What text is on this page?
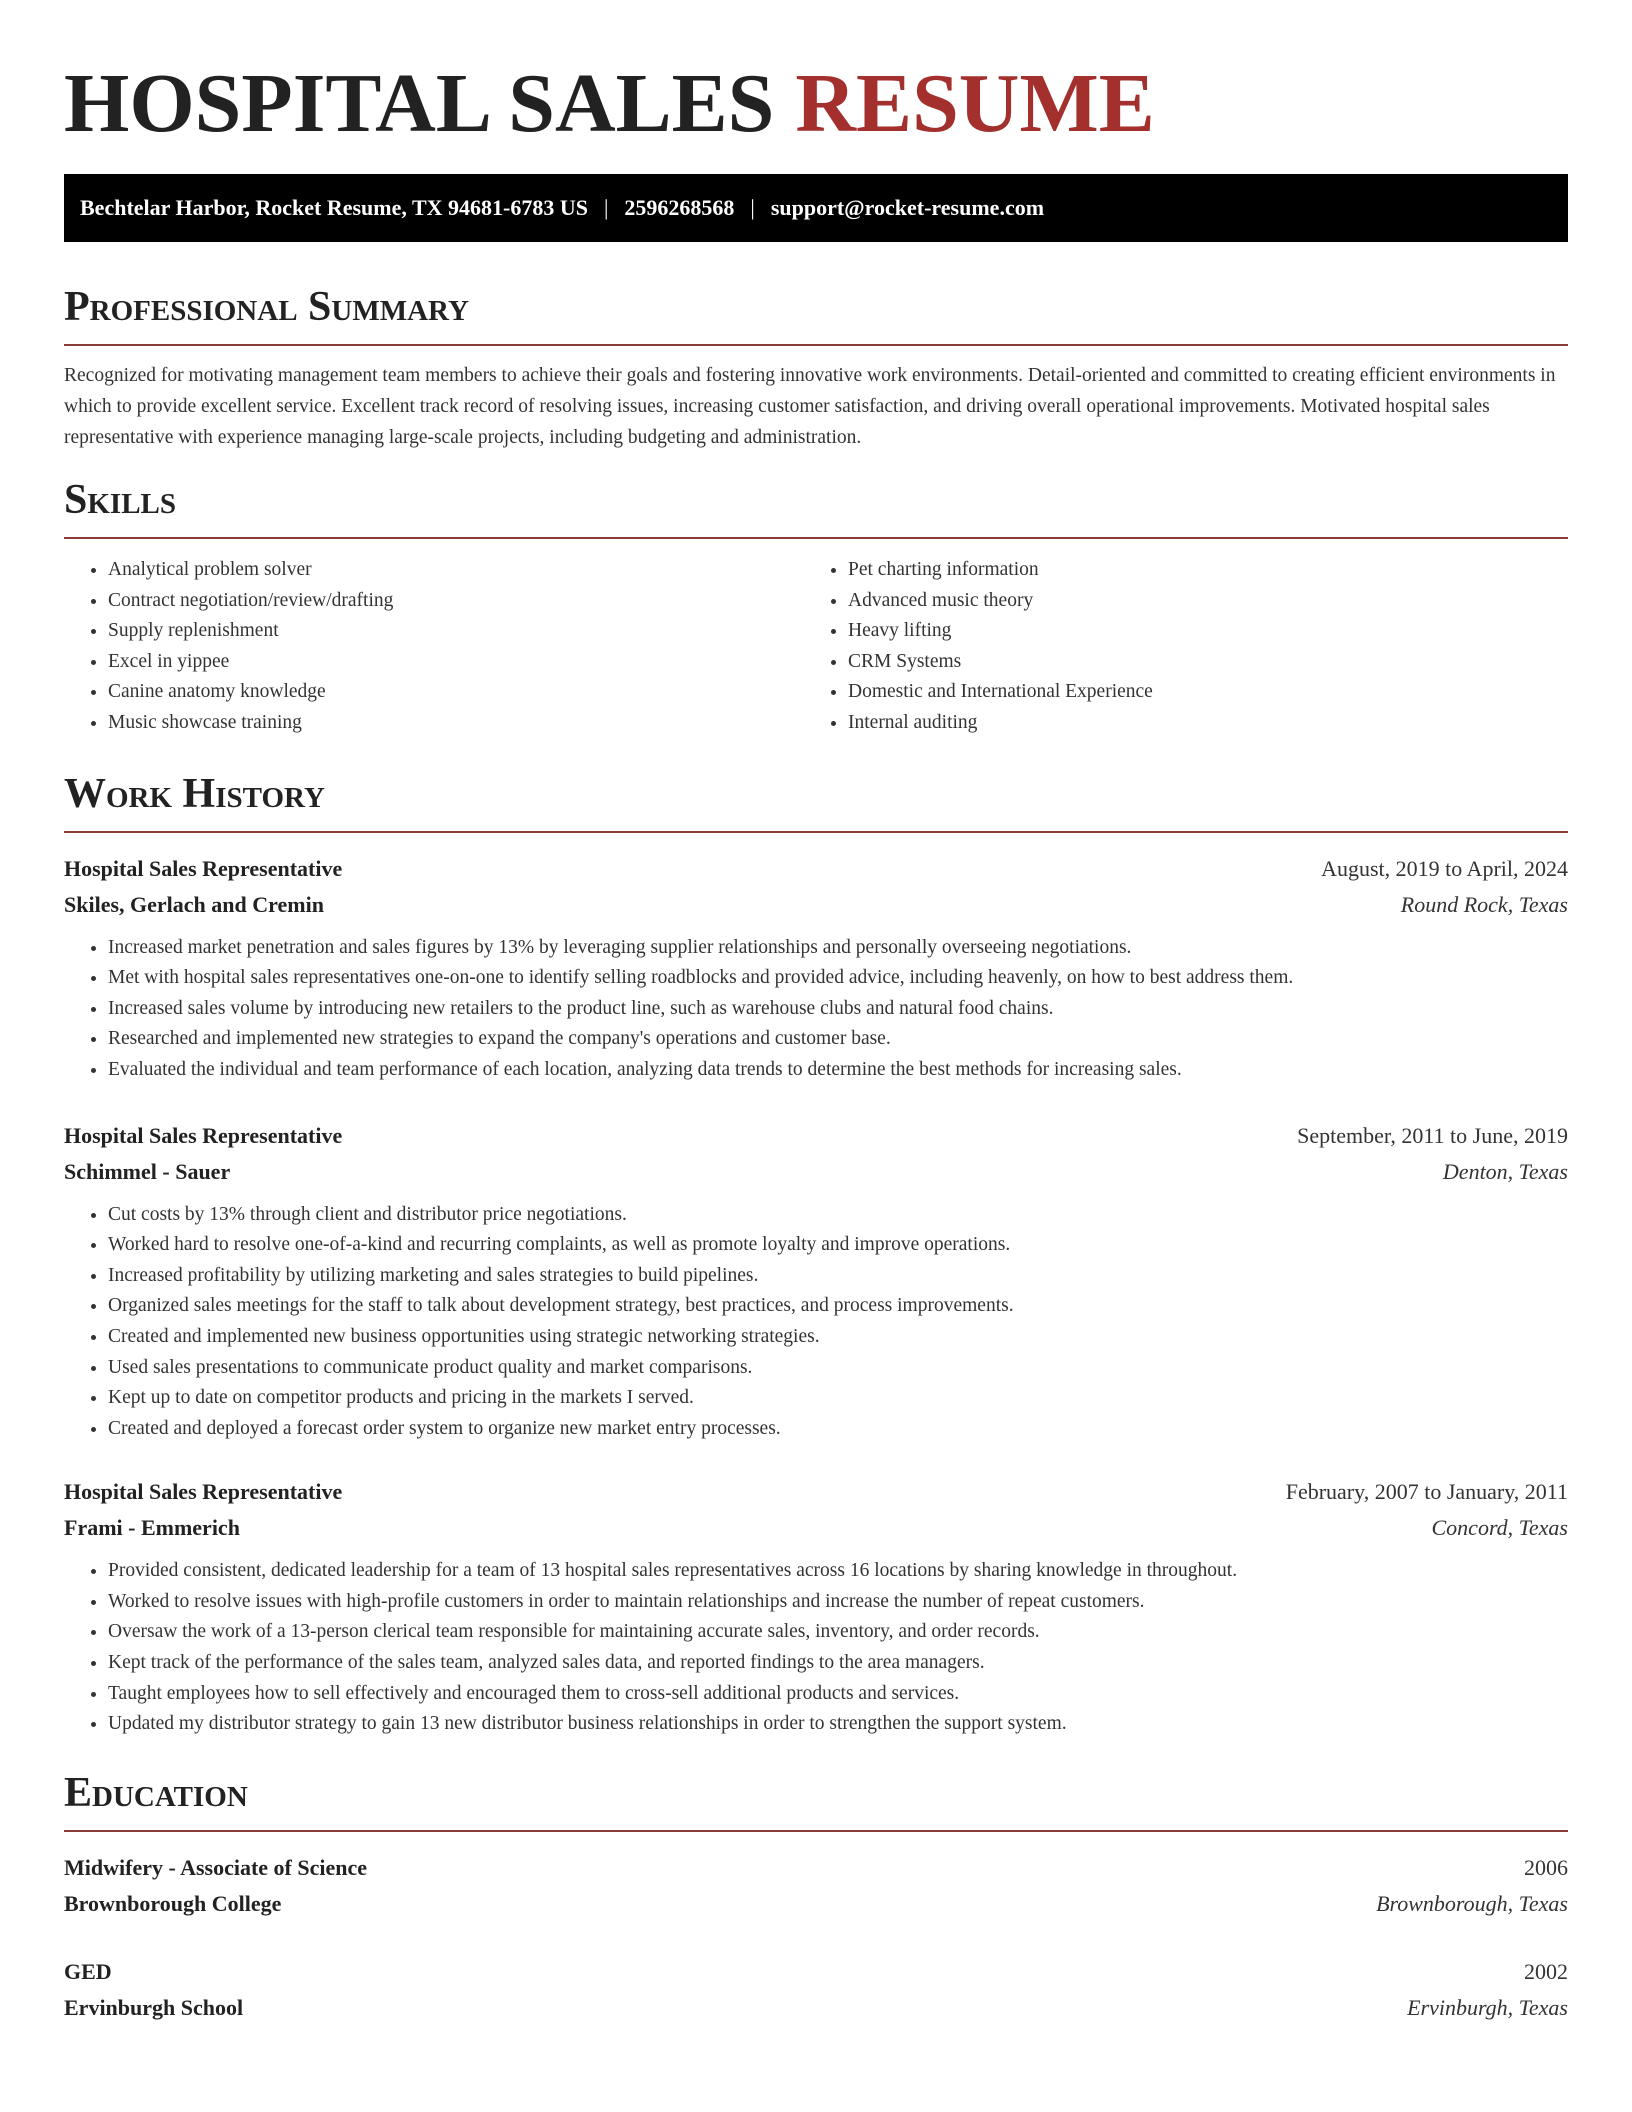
HOSPITAL SALES RESUME
Bechtelar Harbor, Rocket Resume, TX 94681-6783 US | 2596268568 | support@rocket-resume.com
Professional Summary

Recognized for motivating management team members to achieve their goals and fostering innovative work environments. Detail-oriented and committed to creating efficient environments in which to provide excellent service. Excellent track record of resolving issues, increasing customer satisfaction, and driving overall operational improvements. Motivated hospital sales representative with experience managing large-scale projects, including budgeting and administration.

Skills
• Analytical problem solver
• Contract negotiation/review/drafting
• Supply replenishment
• Excel in yippee
• Canine anatomy knowledge
• Music showcase training
• Pet charting information
• Advanced music theory
• Heavy lifting
• CRM Systems
• Domestic and International Experience
• Internal auditing
Work History
Hospital Sales Representative	August, 2019 to April, 2024
Skiles, Gerlach and Cremin	Round Rock, Texas
• Increased market penetration and sales figures by 13% by leveraging supplier relationships and personally overseeing negotiations.
• Met with hospital sales representatives one-on-one to identify selling roadblocks and provided advice, including heavenly, on how to best address them.
• Increased sales volume by introducing new retailers to the product line, such as warehouse clubs and natural food chains.
• Researched and implemented new strategies to expand the company's operations and customer base.
• Evaluated the individual and team performance of each location, analyzing data trends to determine the best methods for increasing sales.
Hospital Sales Representative	September, 2011 to June, 2019
Schimmel - Sauer	Denton, Texas
• Cut costs by 13% through client and distributor price negotiations.
• Worked hard to resolve one-of-a-kind and recurring complaints, as well as promote loyalty and improve operations.
• Increased profitability by utilizing marketing and sales strategies to build pipelines.
• Organized sales meetings for the staff to talk about development strategy, best practices, and process improvements.
• Created and implemented new business opportunities using strategic networking strategies.
• Used sales presentations to communicate product quality and market comparisons.
• Kept up to date on competitor products and pricing in the markets I served.
• Created and deployed a forecast order system to organize new market entry processes.
Hospital Sales Representative	February, 2007 to January, 2011
Frami - Emmerich	Concord, Texas
• Provided consistent, dedicated leadership for a team of 13 hospital sales representatives across 16 locations by sharing knowledge in throughout.
• Worked to resolve issues with high-profile customers in order to maintain relationships and increase the number of repeat customers.
• Oversaw the work of a 13-person clerical team responsible for maintaining accurate sales, inventory, and order records.
• Kept track of the performance of the sales team, analyzed sales data, and reported findings to the area managers.
• Taught employees how to sell effectively and encouraged them to cross-sell additional products and services.
• Updated my distributor strategy to gain 13 new distributor business relationships in order to strengthen the support system.
Education
Midwifery - Associate of Science	2006
Brownborough College	Brownborough, Texas
GED	2002
Ervinburgh School	Ervinburgh, Texas
